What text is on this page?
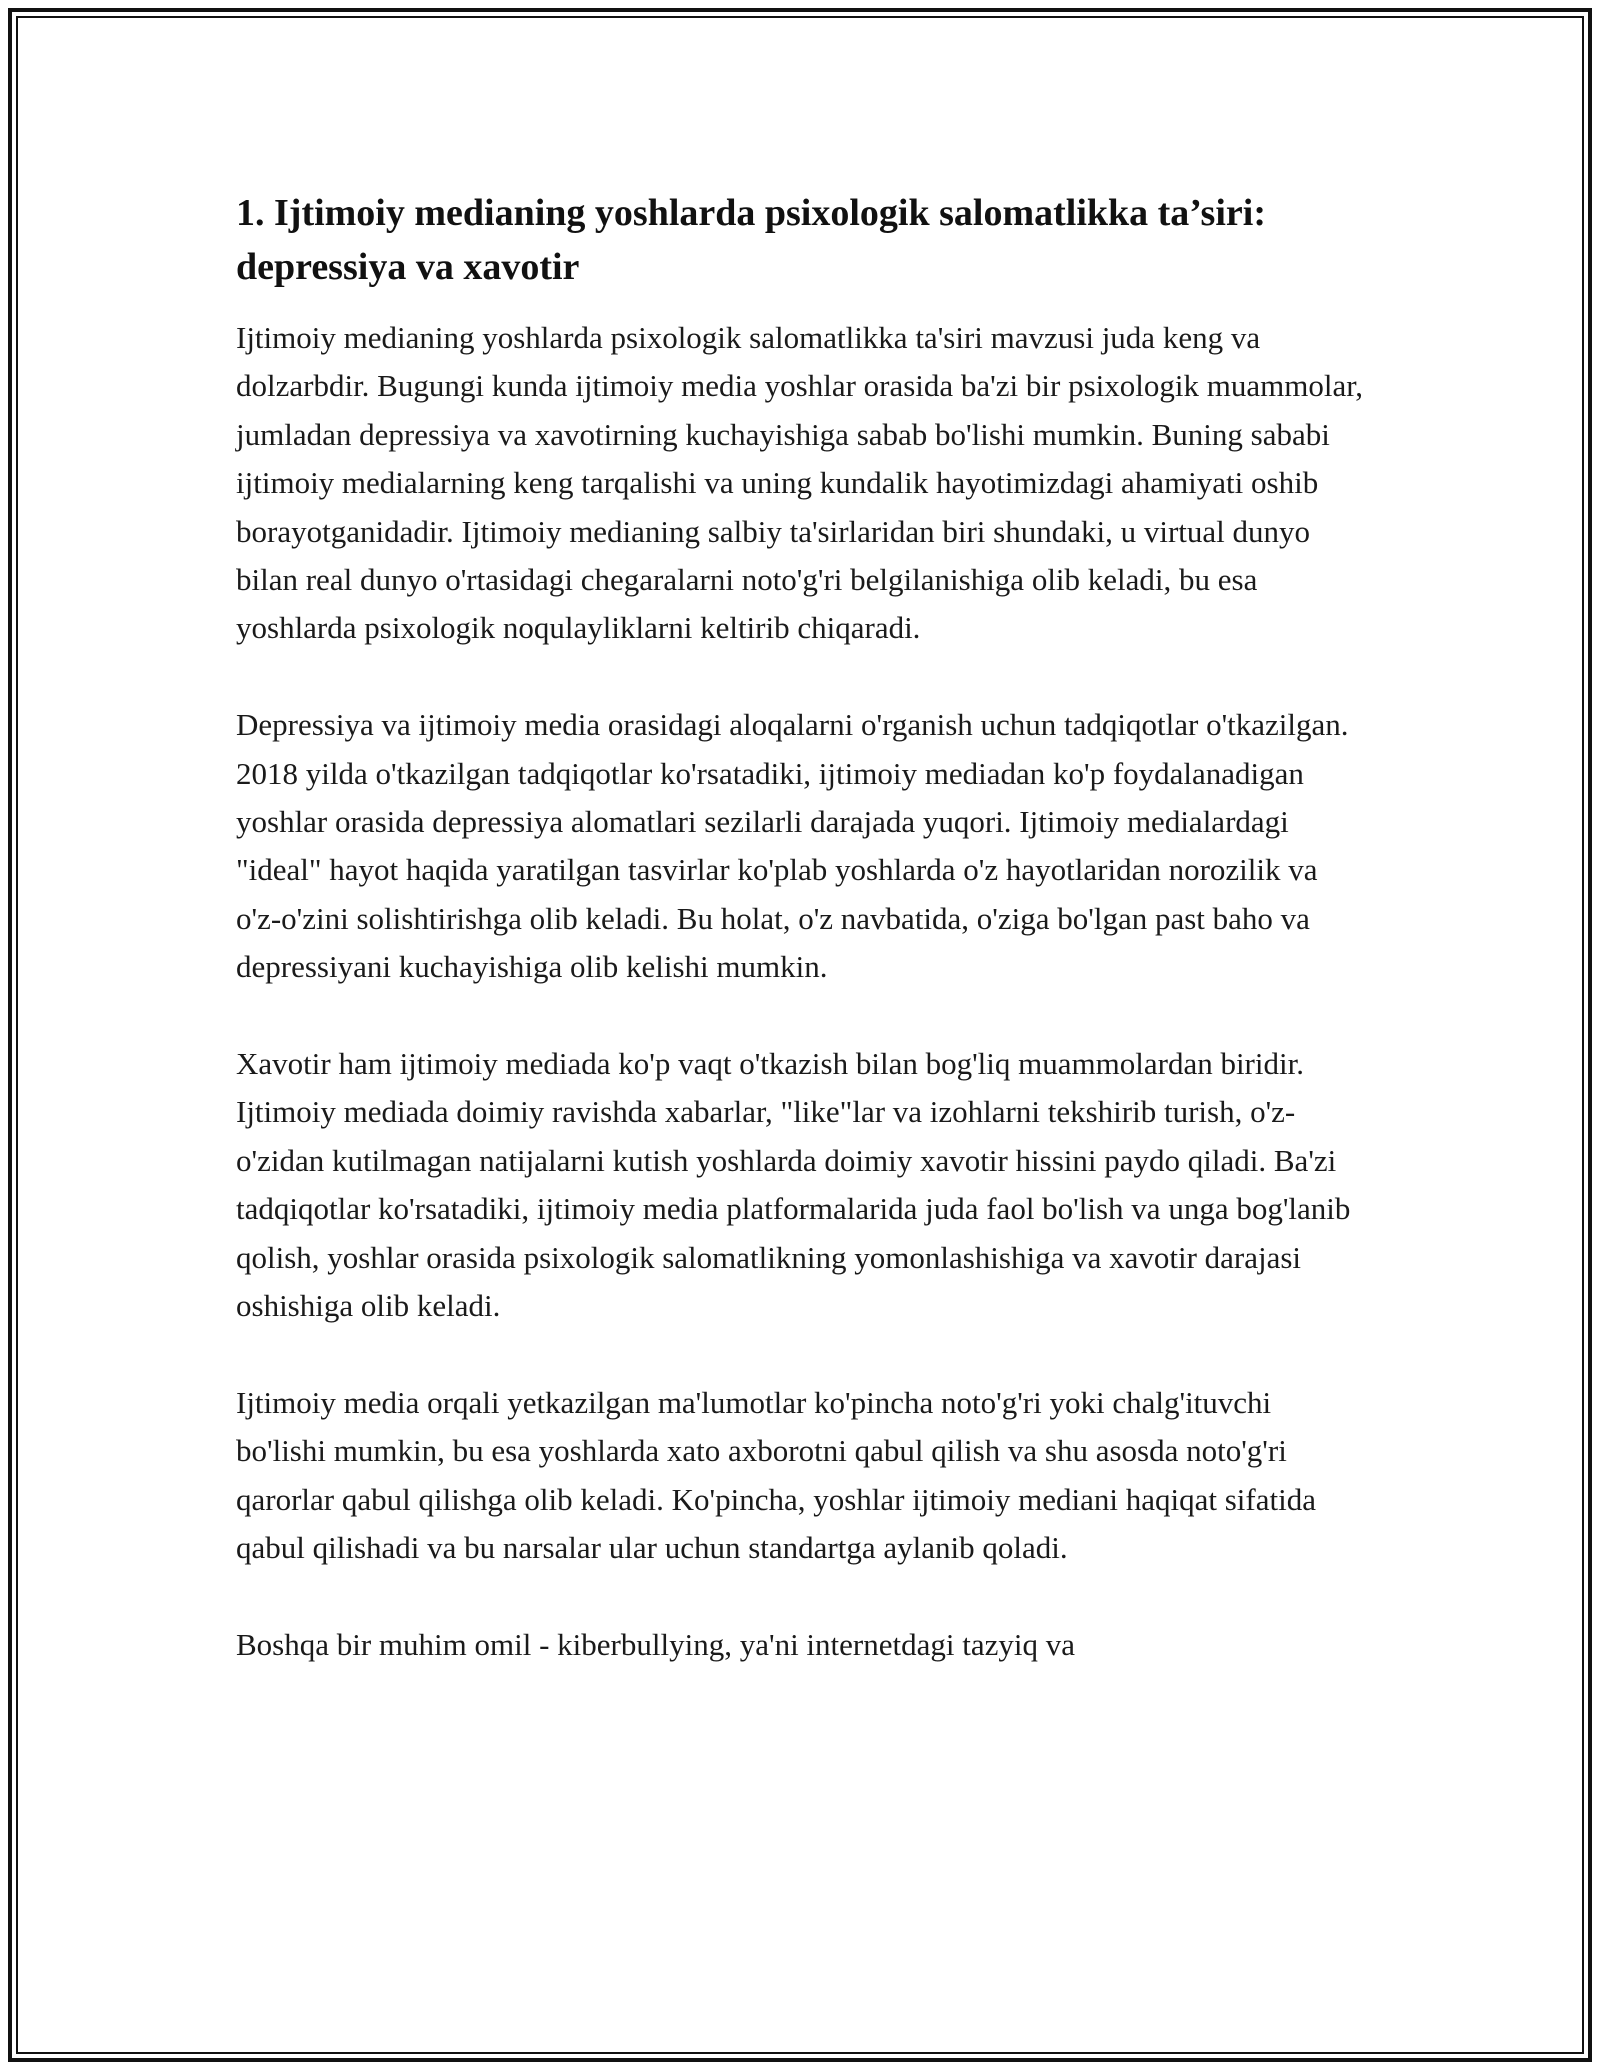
1. Ijtimoiy medianing yoshlarda psixologik salomatlikka ta’siri: depressiya va xavotir

Ijtimoiy medianing yoshlarda psixologik salomatlikka ta'siri mavzusi juda keng va dolzarbdir. Bugungi kunda ijtimoiy media yoshlar orasida ba'zi bir psixologik muammolar, jumladan depressiya va xavotirning kuchayishiga sabab bo'lishi mumkin. Buning sababi ijtimoiy medialarning keng tarqalishi va uning kundalik hayotimizdagi ahamiyati oshib borayotganidadir. Ijtimoiy medianing salbiy ta'sirlaridan biri shundaki, u virtual dunyo bilan real dunyo o'rtasidagi chegaralarni noto'g'ri belgilanishiga olib keladi, bu esa yoshlarda psixologik noqulayliklarni keltirib chiqaradi.

Depressiya va ijtimoiy media orasidagi aloqalarni o'rganish uchun tadqiqotlar o'tkazilgan. 2018 yilda o'tkazilgan tadqiqotlar ko'rsatadiki, ijtimoiy mediadan ko'p foydalanadigan yoshlar orasida depressiya alomatlari sezilarli darajada yuqori. Ijtimoiy medialardagi "ideal" hayot haqida yaratilgan tasvirlar ko'plab yoshlarda o'z hayotlaridan norozilik va o'z-o'zini solishtirishga olib keladi. Bu holat, o'z navbatida, o'ziga bo'lgan past baho va depressiyani kuchayishiga olib kelishi mumkin.

Xavotir ham ijtimoiy mediada ko'p vaqt o'tkazish bilan bog'liq muammolardan biridir. Ijtimoiy mediada doimiy ravishda xabarlar, "like"lar va izohlarni tekshirib turish, o'z-o'zidan kutilmagan natijalarni kutish yoshlarda doimiy xavotir hissini paydo qiladi. Ba'zi tadqiqotlar ko'rsatadiki, ijtimoiy media platformalarida juda faol bo'lish va unga bog'lanib qolish, yoshlar orasida psixologik salomatlikning yomonlashishiga va xavotir darajasi oshishiga olib keladi.

Ijtimoiy media orqali yetkazilgan ma'lumotlar ko'pincha noto'g'ri yoki chalg'ituvchi bo'lishi mumkin, bu esa yoshlarda xato axborotni qabul qilish va shu asosda noto'g'ri qarorlar qabul qilishga olib keladi. Ko'pincha, yoshlar ijtimoiy mediani haqiqat sifatida qabul qilishadi va bu narsalar ular uchun standartga aylanib qoladi.

Boshqa bir muhim omil - kiberbullying, ya'ni internetdagi tazyiq va
